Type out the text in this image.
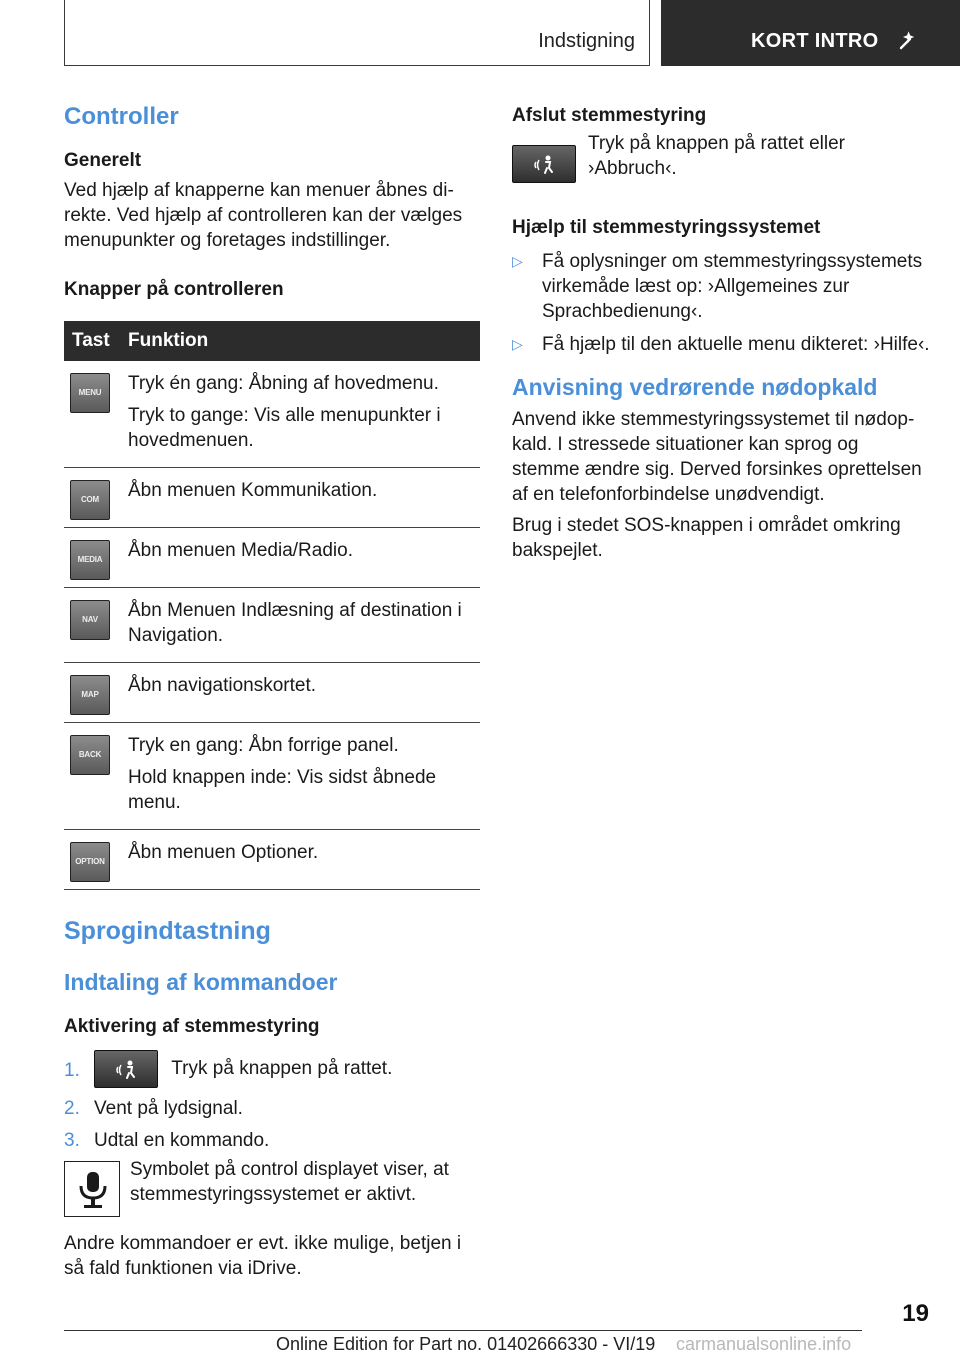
Indstigning	KORT INTRO
Controller
Generelt

Ved hjælp af knapperne kan menuer åbnes direkte. Ved hjælp af controlleren kan der vælges menupunkter og foretages indstillinger.

Knapper på controlleren
Tast	Funktion

MENU	Tryk én gang: Åbning af hovedmenu.
Tryk to gange: Vis alle menupunkter i hovedmenuen.

COM	Åbn menuen Kommunikation.

MEDIA	Åbn menuen Media/Radio.

NAV	Åbn Menuen Indlæsning af destination i Navigation.

MAP	Åbn navigationskortet.

BACK	Tryk en gang: Åbn forrige panel.
Hold knappen inde: Vis sidst åbnede menu.

OPTION	Åbn menuen Optioner.
Sprogindtastning
Indtaling af kommandoer
Aktivering af stemmestyring
1.	Tryk på knappen på rattet.
2. Vent på lydsignal.
3. Udtal en kommando.

Symbolet på control displayet viser, at stemmestyringssystemet er aktivt.

Andre kommandoer er evt. ikke mulige, betjen i så fald funktionen via iDrive.

Afslut stemmestyring

Tryk på knappen på rattet eller ›Abbruch‹.

Hjælp til stemmestyringssystemet
▷ Få oplysninger om stemmestyringssystemets virkemåde læst op: ›Allgemeines zur Sprachbedienung‹.
▷ Få hjælp til den aktuelle menu dikteret: ›Hilfe‹.
Anvisning vedrørende nødopkald

Anvend ikke stemmestyringssystemet til nødopkald. I stressede situationer kan sprog og stemme ændre sig. Derved forsinkes oprettelsen af en telefonforbindelse unødvendigt.

Brug i stedet SOS-knappen i området omkring bakspejlet.

19
Online Edition for Part no. 01402666330 - VI/19 carmanualsonline.info
